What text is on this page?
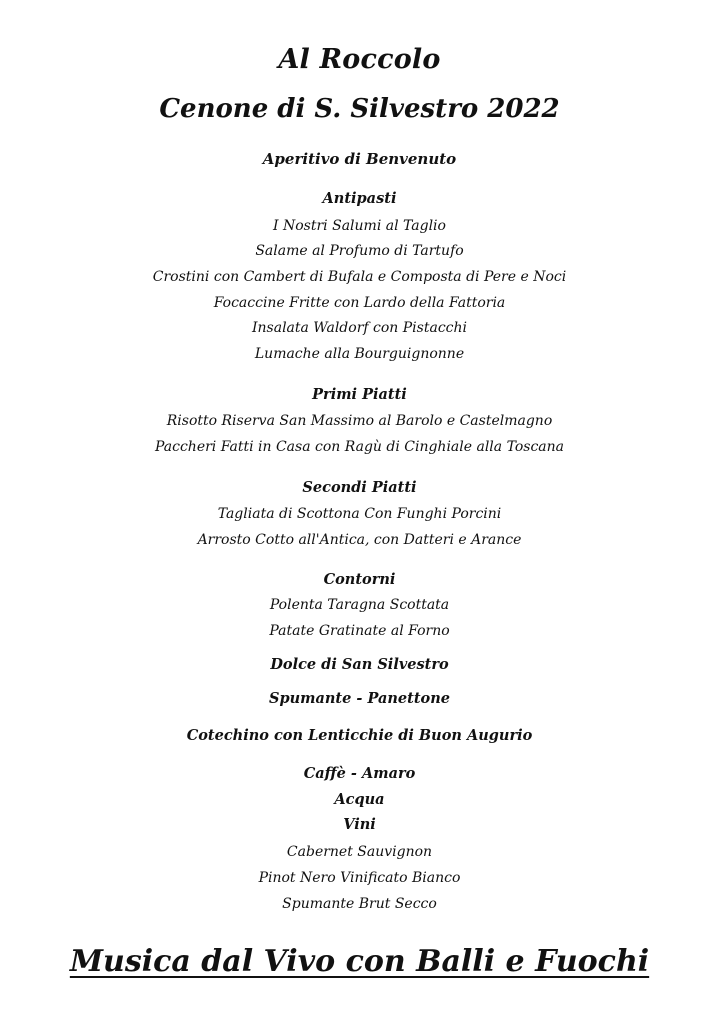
Al Roccolo
Cenone di S. Silvestro 2022
Aperitivo di Benvenuto
Antipasti
I Nostri Salumi al Taglio
Salame al Profumo di Tartufo
Crostini con Cambert di Bufala e Composta di Pere e Noci
Focaccine Fritte con Lardo della Fattoria
Insalata Waldorf con Pistacchi
Lumache alla Bourguignonne
Primi Piatti
Risotto Riserva San Massimo al Barolo e Castelmagno
Paccheri Fatti in Casa con Ragù di Cinghiale alla Toscana
Secondi Piatti
Tagliata di Scottona Con Funghi Porcini
Arrosto Cotto all'Antica, con Datteri e Arance
Contorni
Polenta Taragna Scottata
Patate Gratinate al Forno
Dolce di San Silvestro
Spumante - Panettone
Cotechino con Lenticchie di Buon Augurio
Caffè - Amaro
Acqua
Vini
Cabernet Sauvignon
Pinot Nero Vinificato Bianco
Spumante Brut Secco
Musica dal Vivo con Balli e Fuochi
